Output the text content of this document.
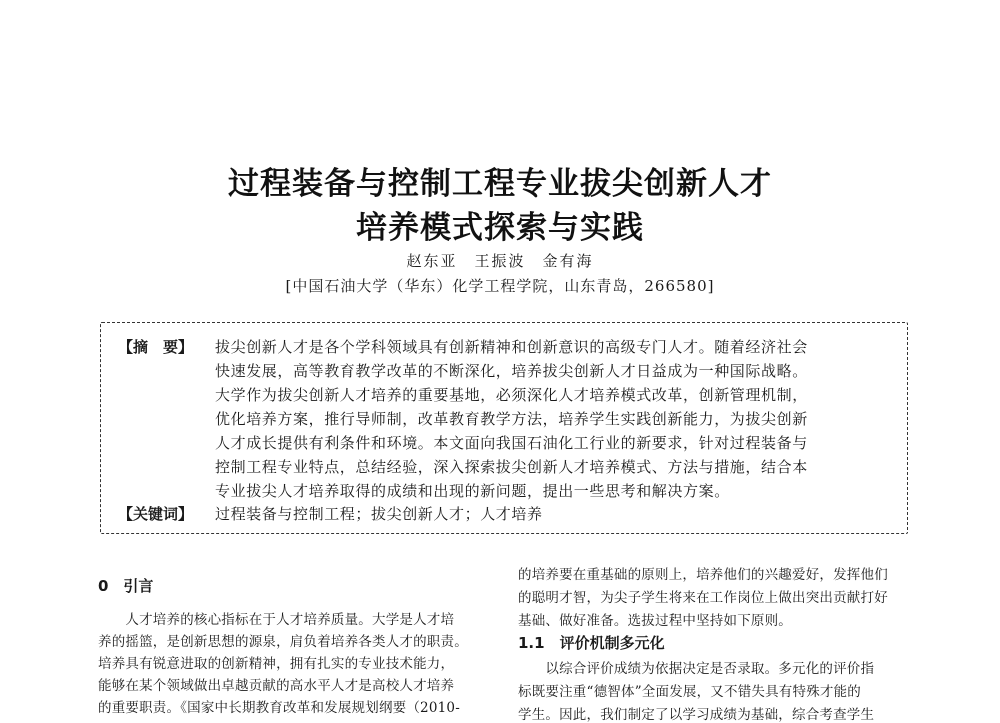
过程装备与控制工程专业拔尖创新人才
培养模式探索与实践
赵东亚　王振波　金有海
[中国石油大学（华东）化学工程学院，山东青岛，266580]
【摘　要】 拔尖创新人才是各个学科领域具有创新精神和创新意识的高级专门人才。随着经济社会
快速发展，高等教育教学改革的不断深化，培养拔尖创新人才日益成为一种国际战略。
大学作为拔尖创新人才培养的重要基地，必须深化人才培养模式改革，创新管理机制，
优化培养方案，推行导师制，改革教育教学方法，培养学生实践创新能力，为拔尖创新
人才成长提供有利条件和环境。本文面向我国石油化工行业的新要求，针对过程装备与
控制工程专业特点，总结经验，深入探索拔尖创新人才培养模式、方法与措施，结合本
专业拔尖人才培养取得的成绩和出现的新问题，提出一些思考和解决方案。
【关键词】 过程装备与控制工程；拔尖创新人才；人才培养
0　引言
　　人才培养的核心指标在于人才培养质量。大学是人才培
养的摇篮，是创新思想的源泉，肩负着培养各类人才的职责。
培养具有锐意进取的创新精神，拥有扎实的专业技术能力，
能够在某个领域做出卓越贡献的高水平人才是高校人才培养
的重要职责。《国家中长期教育改革和发展规划纲要（2010-
的培养要在重基础的原则上，培养他们的兴趣爱好，发挥他们
的聪明才智，为尖子学生将来在工作岗位上做出突出贡献打好
基础、做好准备。选拔过程中坚持如下原则。
1.1　评价机制多元化
　　以综合评价成绩为依据决定是否录取。多元化的评价指
标既要注重“德智体”全面发展，又不错失具有特殊才能的
学生。因此，我们制定了以学习成绩为基础，综合考查学生
